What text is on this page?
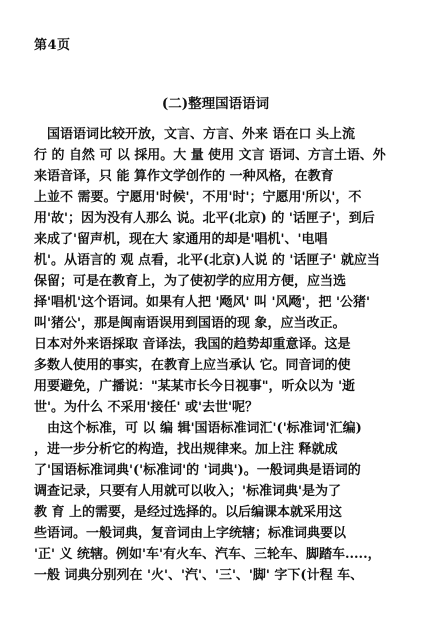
第4页
(二)整理国语语词
　国语语词比较开放，文言、方言、外来 语在口 头上流
行 的 自然 可 以 採用。大 量 使用 文言 语词、方言土语、外
来语音译，只 能 算作文学创作的 一种风格，在教育
上並不 需要。宁愿用'时候'，不用'时'；宁愿用'所以'，不
用'故'；因为没有人那么 说。北平(北京) 的 '话匣子'，到后
来成了'留声机，现在大 家通用的却是'唱机'、'电唱
机'。从语言的 观 点看，北平(北京)人说 的 '话匣子' 就应当
保留；可是在教育上，为了使初学的应用方便，应当选
择'唱机'这个语词。如果有人把 '飏风' 叫 '风飏'，把 '公猪'
叫'猪公'，那是闽南语误用到国语的现 象，应当改正。
日本对外来语採取 音译法，我国的趋势却重意译。这是
多数人使用的事实，在教育上应当承认 它。同音词的使
用要避免，广播说："某某市长今日视事"，听众以为 '逝
世'。为什么 不采用'接任' 或'去世'呢？
　由这个标准，可 以 编 辑'国语标准词汇'('标准词'汇编)
，进一步分析它的构造，找出规律来。加上注 释就成
了'国语标准词典'('标准词'的 '词典')。一般词典是语词的
调查记录，只要有人用就可以收入；'标准词典'是为了
教 育 上的需要，是经过选择的。以后编课本就采用这
些语词。一般词典，复音词由上字统辖；标准词典要以
'正' 义 统辖。例如'车'有火车、汽车、三轮车、脚踏车.....，
一般 词典分别列在 '火'、'汽'、'三'、'脚' 字下(计程 车、
